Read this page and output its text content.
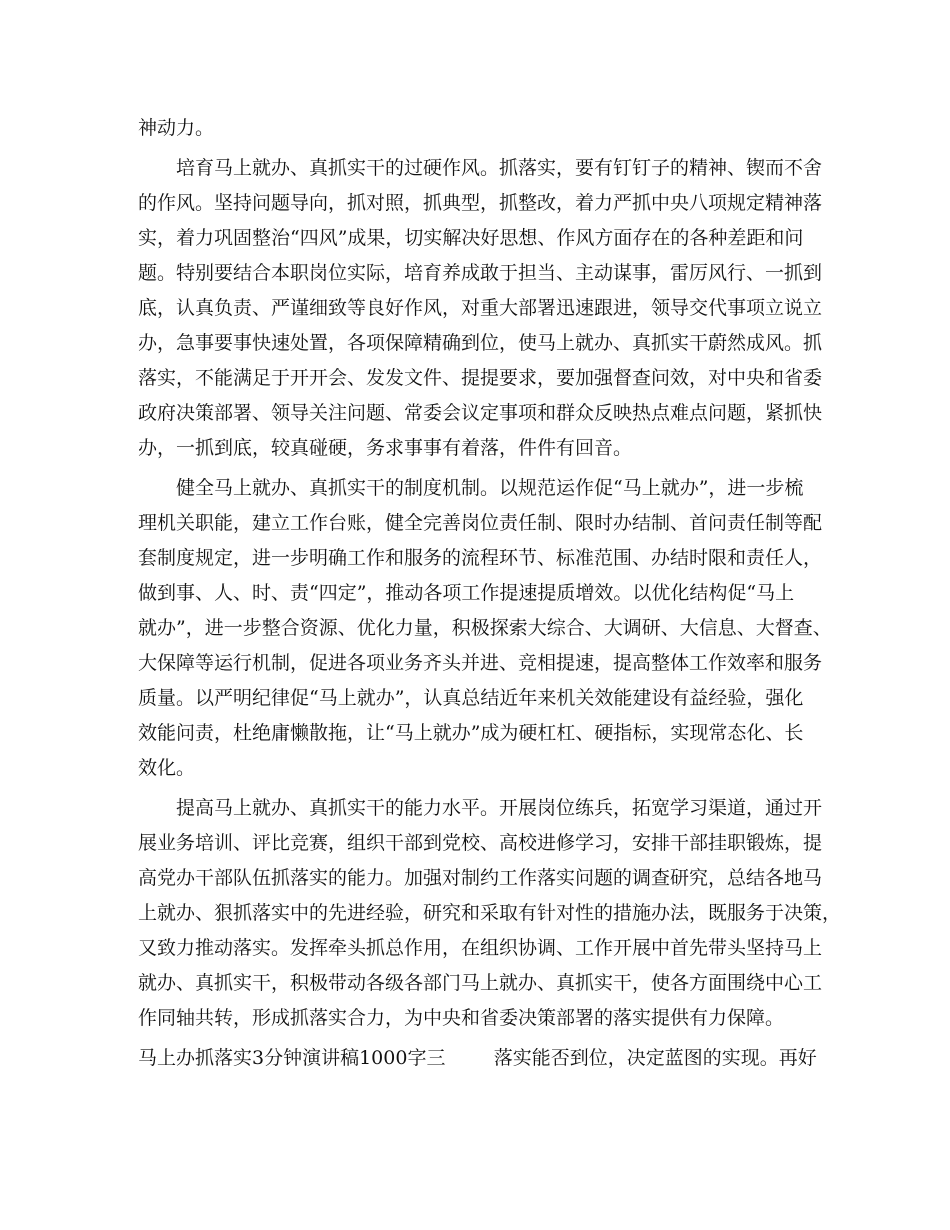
神动力。
培育马上就办、真抓实干的过硬作风。抓落实，要有钉钉子的精神、锲而不舍
的作风。坚持问题导向，抓对照，抓典型，抓整改，着力严抓中央八项规定精神落
实，着力巩固整治“四风”成果，切实解决好思想、作风方面存在的各种差距和问
题。特别要结合本职岗位实际，培育养成敢于担当、主动谋事，雷厉风行、一抓到
底，认真负责、严谨细致等良好作风，对重大部署迅速跟进，领导交代事项立说立
办，急事要事快速处置，各项保障精确到位，使马上就办、真抓实干蔚然成风。抓
落实，不能满足于开开会、发发文件、提提要求，要加强督查问效，对中央和省委
政府决策部署、领导关注问题、常委会议定事项和群众反映热点难点问题，紧抓快
办，一抓到底，较真碰硬，务求事事有着落，件件有回音。
健全马上就办、真抓实干的制度机制。以规范运作促“马上就办”，进一步梳
理机关职能，建立工作台账，健全完善岗位责任制、限时办结制、首问责任制等配
套制度规定，进一步明确工作和服务的流程环节、标准范围、办结时限和责任人，
做到事、人、时、责“四定”，推动各项工作提速提质增效。以优化结构促“马上
就办”，进一步整合资源、优化力量，积极探索大综合、大调研、大信息、大督查、
大保障等运行机制，促进各项业务齐头并进、竞相提速，提高整体工作效率和服务
质量。以严明纪律促“马上就办”，认真总结近年来机关效能建设有益经验，强化
效能问责，杜绝庸懒散拖，让“马上就办”成为硬杠杠、硬指标，实现常态化、长
效化。
提高马上就办、真抓实干的能力水平。开展岗位练兵，拓宽学习渠道，通过开
展业务培训、评比竞赛，组织干部到党校、高校进修学习，安排干部挂职锻炼，提
高党办干部队伍抓落实的能力。加强对制约工作落实问题的调查研究，总结各地马
上就办、狠抓落实中的先进经验，研究和采取有针对性的措施办法，既服务于决策，
又致力推动落实。发挥牵头抓总作用，在组织协调、工作开展中首先带头坚持马上
就办、真抓实干，积极带动各级各部门马上就办、真抓实干，使各方面围绕中心工
作同轴共转，形成抓落实合力，为中央和省委决策部署的落实提供有力保障。
马上办抓落实3分钟演讲稿1000字三        落实能否到位，决定蓝图的实现。再好
